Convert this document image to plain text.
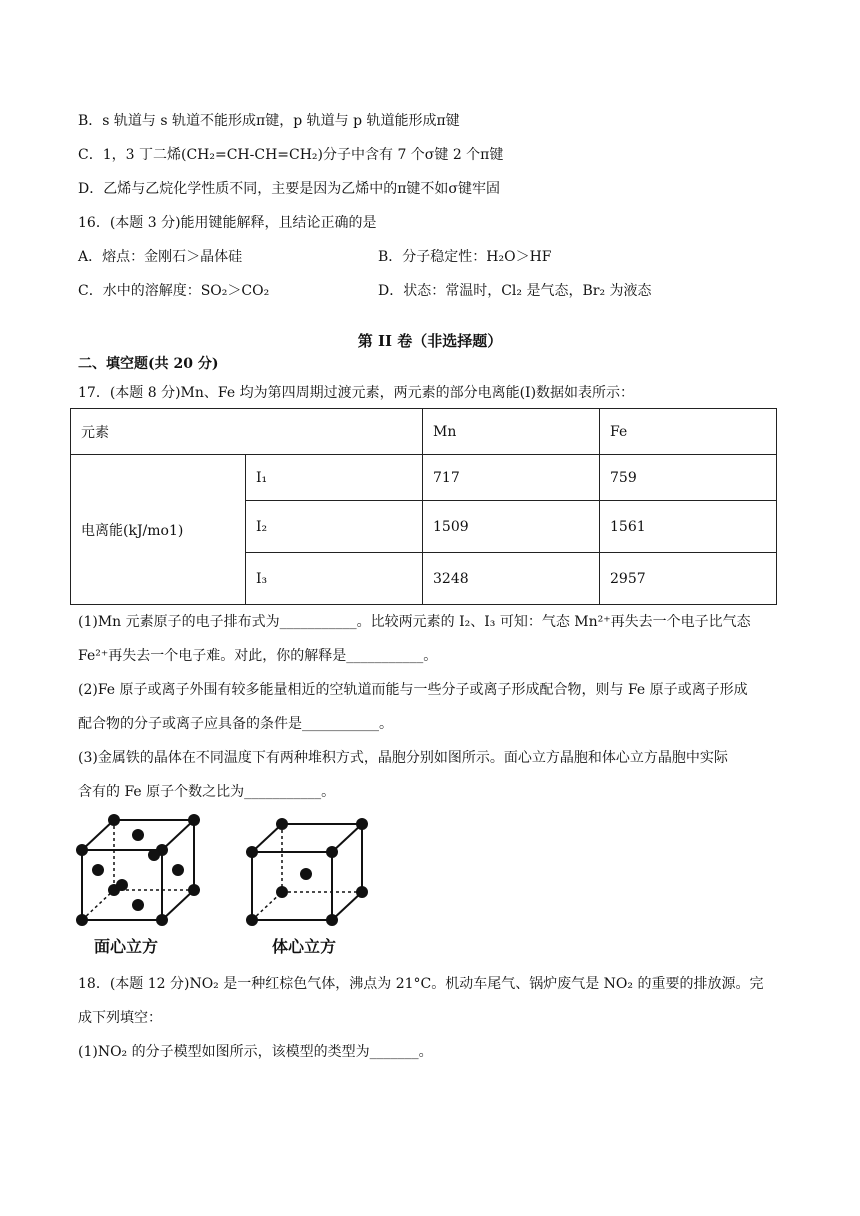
B．s 轨道与 s 轨道不能形成π键，p 轨道与 p 轨道能形成π键
C．1，3 丁二烯(CH₂=CH-CH=CH₂)分子中含有 7 个σ键 2 个π键
D．乙烯与乙烷化学性质不同，主要是因为乙烯中的π键不如σ键牢固
16．(本题 3 分)能用键能解释，且结论正确的是
A．熔点：金刚石＞晶体硅	B．分子稳定性：H₂O＞HF
C．水中的溶解度：SO₂＞CO₂	D．状态：常温时，Cl₂ 是气态，Br₂ 为液态
第 II 卷（非选择题）
二、填空题(共 20 分)
17．(本题 8 分)Mn、Fe 均为第四周期过渡元素，两元素的部分电离能(I)数据如表所示：
元素		Mn	Fe
电离能(kJ/mo1)	I₁	717	759
	I₂	1509	1561
	I₃	3248	2957
(1)Mn 元素原子的电子排布式为___________。比较两元素的 I₂、I₃ 可知：气态 Mn²⁺再失去一个电子比气态
Fe²⁺再失去一个电子难。对此，你的解释是___________。
(2)Fe 原子或离子外围有较多能量相近的空轨道而能与一些分子或离子形成配合物，则与 Fe 原子或离子形成
配合物的分子或离子应具备的条件是___________。
(3)金属铁的晶体在不同温度下有两种堆积方式，晶胞分别如图所示。面心立方晶胞和体心立方晶胞中实际
含有的 Fe 原子个数之比为___________。
面心立方	体心立方
18．(本题 12 分)NO₂ 是一种红棕色气体，沸点为 21°C。机动车尾气、锅炉废气是 NO₂ 的重要的排放源。完
成下列填空：
(1)NO₂ 的分子模型如图所示，该模型的类型为_______。
